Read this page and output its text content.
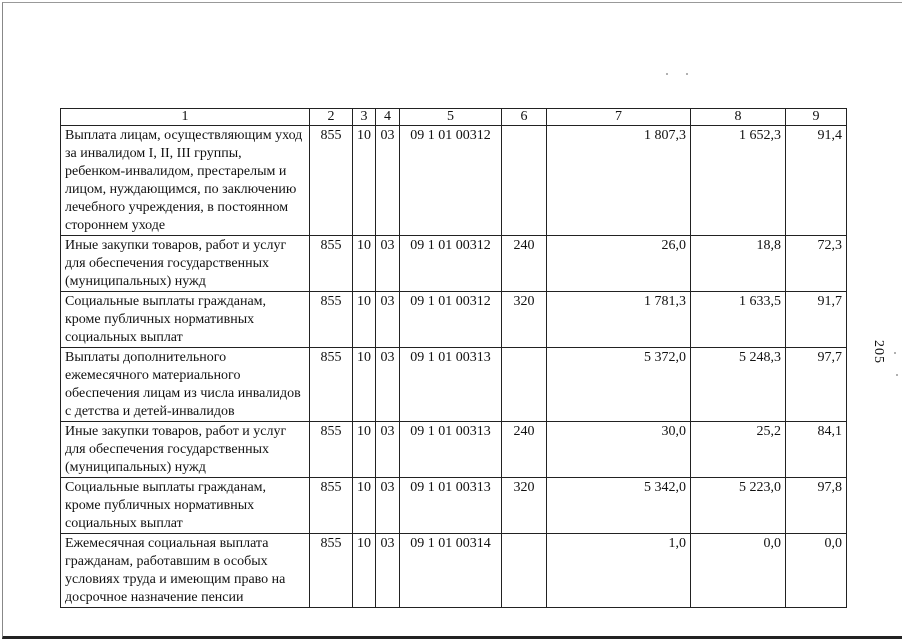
1	2	3	4	5	6	7	8	9
Выплата лицам, осуществляющим уход за инвалидом I, II, III группы, ребенком-инвалидом, престарелым и лицом, нуждающимся, по заключению лечебного учреждения, в постоянном стороннем уходе	855	10	03	09 1 01 00312		1 807,3	1 652,3	91,4
Иные закупки товаров, работ и услуг для обеспечения государственных (муниципальных) нужд	855	10	03	09 1 01 00312	240	26,0	18,8	72,3
Социальные выплаты гражданам, кроме публичных нормативных социальных выплат	855	10	03	09 1 01 00312	320	1 781,3	1 633,5	91,7
Выплаты дополнительного ежемесячного материального обеспечения лицам из числа инвалидов с детства и детей-инвалидов	855	10	03	09 1 01 00313		5 372,0	5 248,3	97,7
Иные закупки товаров, работ и услуг для обеспечения государственных (муниципальных) нужд	855	10	03	09 1 01 00313	240	30,0	25,2	84,1
Социальные выплаты гражданам, кроме публичных нормативных социальных выплат	855	10	03	09 1 01 00313	320	5 342,0	5 223,0	97,8
Ежемесячная социальная выплата гражданам, работавшим в особых условиях труда и имеющим право на досрочное назначение пенсии	855	10	03	09 1 01 00314		1,0	0,0	0,0
205
